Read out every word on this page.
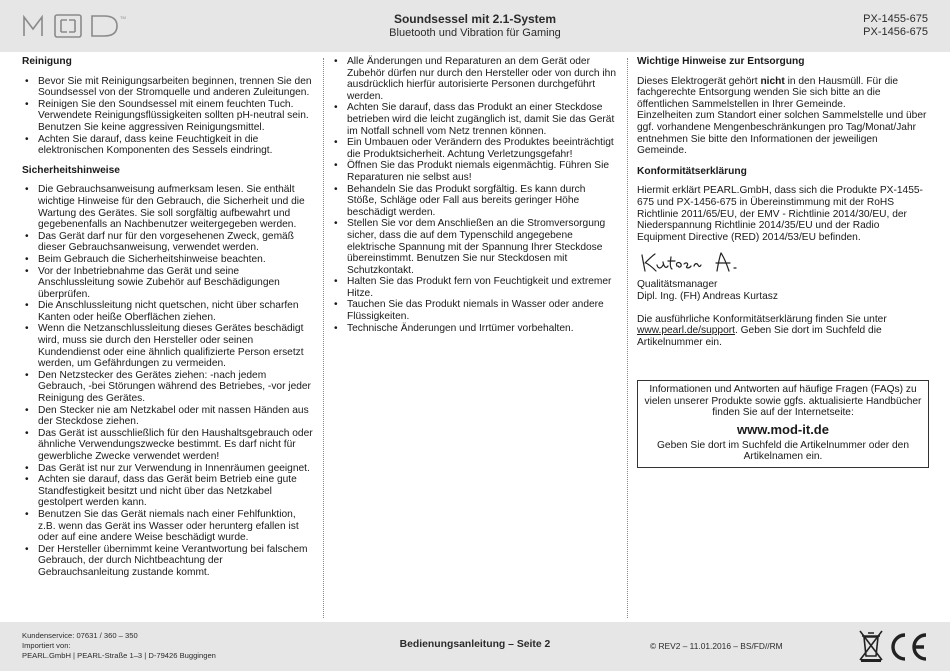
TM	Soundsessel mit 2.1-System
Bluetooth und Vibration für Gaming
PX-1455-675
PX-1456-675
Reinigung
• Bevor Sie mit Reinigungsarbeiten beginnen, trennen Sie den Soundsessel von der Stromquelle und anderen Zuleitungen.
• Reinigen Sie den Soundsessel mit einem feuchten Tuch. Verwendete Reinigungsflüssigkeiten sollten pH-neutral sein. Benutzen Sie keine aggressiven Reinigungsmittel.
• Achten Sie darauf, dass keine Feuchtigkeit in die elektronischen Komponenten des Sessels eindringt.
Sicherheitshinweise
• Die Gebrauchsanweisung aufmerksam lesen. Sie enthält wichtige Hinweise für den Gebrauch, die Sicherheit und die Wartung des Gerätes. Sie soll sorgfältig aufbewahrt und gegebenenfalls an Nachbenutzer weitergegeben werden.
• Das Gerät darf nur für den vorgesehenen Zweck, gemäß dieser Gebrauchsanweisung, verwendet werden.
• Beim Gebrauch die Sicherheitshinweise beachten.
• Vor der Inbetriebnahme das Gerät und seine Anschlussleitung sowie Zubehör auf Beschädigungen überprüfen.
• Die Anschlussleitung nicht quetschen, nicht über scharfen Kanten oder heiße Oberflächen ziehen.
• Wenn die Netzanschlussleitung dieses Gerätes beschädigt wird, muss sie durch den Hersteller oder seinen Kundendienst oder eine ähnlich qualifizierte Person ersetzt werden, um Gefährdungen zu vermeiden.
• Den Netzstecker des Gerätes ziehen: -nach jedem Gebrauch, -bei Störungen während des Betriebes, -vor jeder Reinigung des Gerätes.
• Den Stecker nie am Netzkabel oder mit nassen Händen aus der Steckdose ziehen.
• Das Gerät ist ausschließlich für den Haushaltsgebrauch oder ähnliche Verwendungszwecke bestimmt. Es darf nicht für gewerbliche Zwecke verwendet werden!
• Das Gerät ist nur zur Verwendung in Innenräumen geeignet.
• Achten sie darauf, dass das Gerät beim Betrieb eine gute Standfestigkeit besitzt und nicht über das Netzkabel gestolpert werden kann.
• Benutzen Sie das Gerät niemals nach einer Fehlfunktion, z.B. wenn das Gerät ins Wasser oder herunterg efallen ist oder auf eine andere Weise beschädigt wurde.
• Der Hersteller übernimmt keine Verantwortung bei falschem Gebrauch, der durch Nichtbeachtung der Gebrauchsanleitung zustande kommt.
• Alle Änderungen und Reparaturen an dem Gerät oder Zubehör dürfen nur durch den Hersteller oder von durch ihn ausdrücklich hierfür autorisierte Personen durchgeführt werden.
• Achten Sie darauf, dass das Produkt an einer Steckdose betrieben wird die leicht zugänglich ist, damit Sie das Gerät im Notfall schnell vom Netz trennen können.
• Ein Umbauen oder Verändern des Produktes beeinträchtigt die Produktsicherheit. Achtung Verletzungsgefahr!
• Öffnen Sie das Produkt niemals eigenmächtig. Führen Sie Reparaturen nie selbst aus!
• Behandeln Sie das Produkt sorgfältig. Es kann durch Stöße, Schläge oder Fall aus bereits geringer Höhe beschädigt werden.
• Stellen Sie vor dem Anschließen an die Stromversorgung sicher, dass die auf dem Typenschild angegebene elektrische Spannung mit der Spannung Ihrer Steckdose übereinstimmt. Benutzen Sie nur Steckdosen mit Schutzkontakt.
• Halten Sie das Produkt fern von Feuchtigkeit und extremer Hitze.
• Tauchen Sie das Produkt niemals in Wasser oder andere Flüssigkeiten.
• Technische Änderungen und Irrtümer vorbehalten.
Wichtige Hinweise zur Entsorgung

Dieses Elektrogerät gehört nicht in den Hausmüll. Für die fachgerechte Entsorgung wenden Sie sich bitte an die öffentlichen Sammelstellen in Ihrer Gemeinde.

Einzelheiten zum Standort einer solchen Sammelstelle und über ggf. vorhandene Mengenbeschränkungen pro Tag/Monat/Jahr entnehmen Sie bitte den Informationen der jeweiligen Gemeinde.

Konformitätserklärung

Hiermit erklärt PEARL.GmbH, dass sich die Produkte PX-1455-675 und PX-1456-675 in Übereinstimmung mit der RoHS Richtlinie 2011/65/EU, der EMV - Richtlinie 2014/30/EU, der Niederspannung Richtlinie 2014/35/EU und der Radio Equipment Directive (RED) 2014/53/EU befinden.

Qualitätsmanager

Dipl. Ing. (FH) Andreas Kurtasz

Die ausführliche Konformitätserklärung finden Sie unter www.pearl.de/support. Geben Sie dort im Suchfeld die Artikelnummer ein.

Informationen und Antworten auf häufige Fragen (FAQs) zu vielen unserer Produkte sowie ggfs. aktualisierte Handbücher finden Sie auf der Internetseite:
www.mod-it.de
Geben Sie dort im Suchfeld die Artikelnummer oder den Artikelnamen ein.
Kundenservice: 07631 / 360 – 350
Importiert von:
PEARL.GmbH | PEARL-Straße 1–3 | D-79426 Buggingen
Bedienungsanleitung – Seite 2	© REV2 – 11.01.2016 – BS/FD//RM
